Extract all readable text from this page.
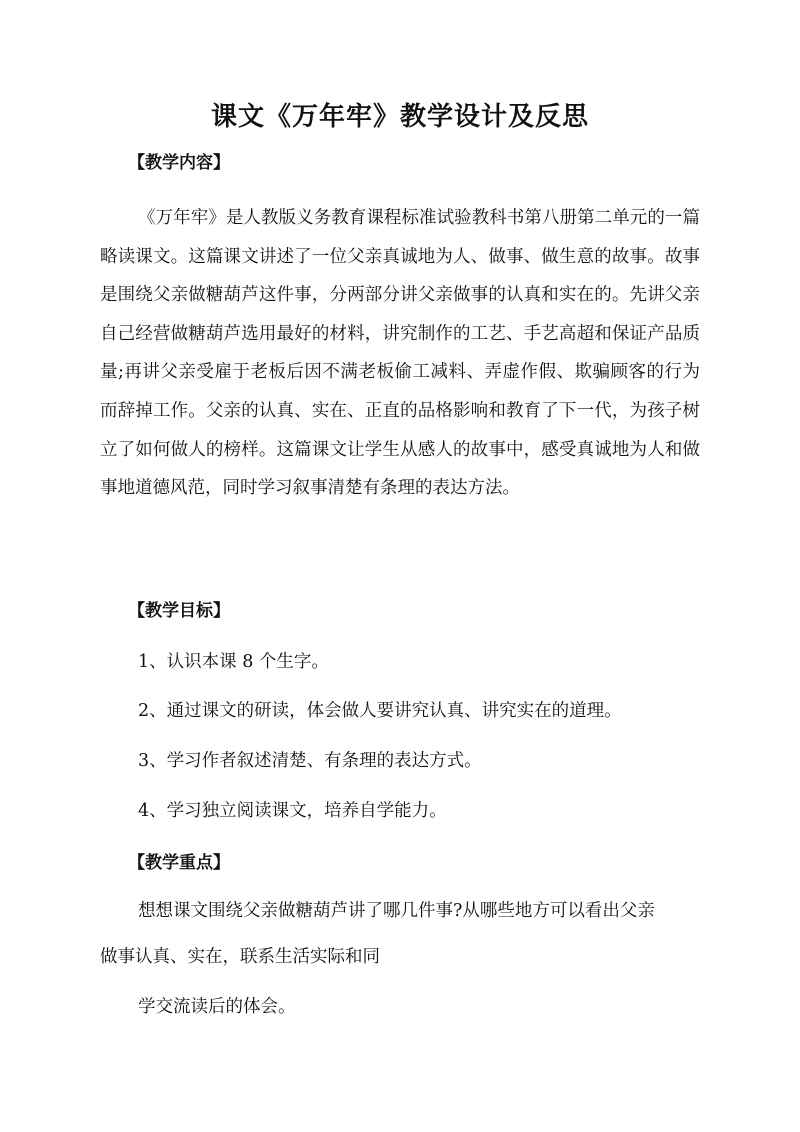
课文《万年牢》教学设计及反思
【教学内容】
《万年牢》是人教版义务教育课程标准试验教科书第八册第二单元的一篇略读课文。这篇课文讲述了一位父亲真诚地为人、做事、做生意的故事。故事是围绕父亲做糖葫芦这件事，分两部分讲父亲做事的认真和实在的。先讲父亲自己经营做糖葫芦选用最好的材料，讲究制作的工艺、手艺高超和保证产品质量;再讲父亲受雇于老板后因不满老板偷工减料、弄虚作假、欺骗顾客的行为而辞掉工作。父亲的认真、实在、正直的品格影响和教育了下一代，为孩子树立了如何做人的榜样。这篇课文让学生从感人的故事中，感受真诚地为人和做事地道德风范，同时学习叙事清楚有条理的表达方法。
【教学目标】
1、认识本课 8 个生字。
2、通过课文的研读，体会做人要讲究认真、讲究实在的道理。
3、学习作者叙述清楚、有条理的表达方式。
4、学习独立阅读课文，培养自学能力。
【教学重点】
想想课文围绕父亲做糖葫芦讲了哪几件事?从哪些地方可以看出父亲
做事认真、实在，联系生活实际和同
学交流读后的体会。
